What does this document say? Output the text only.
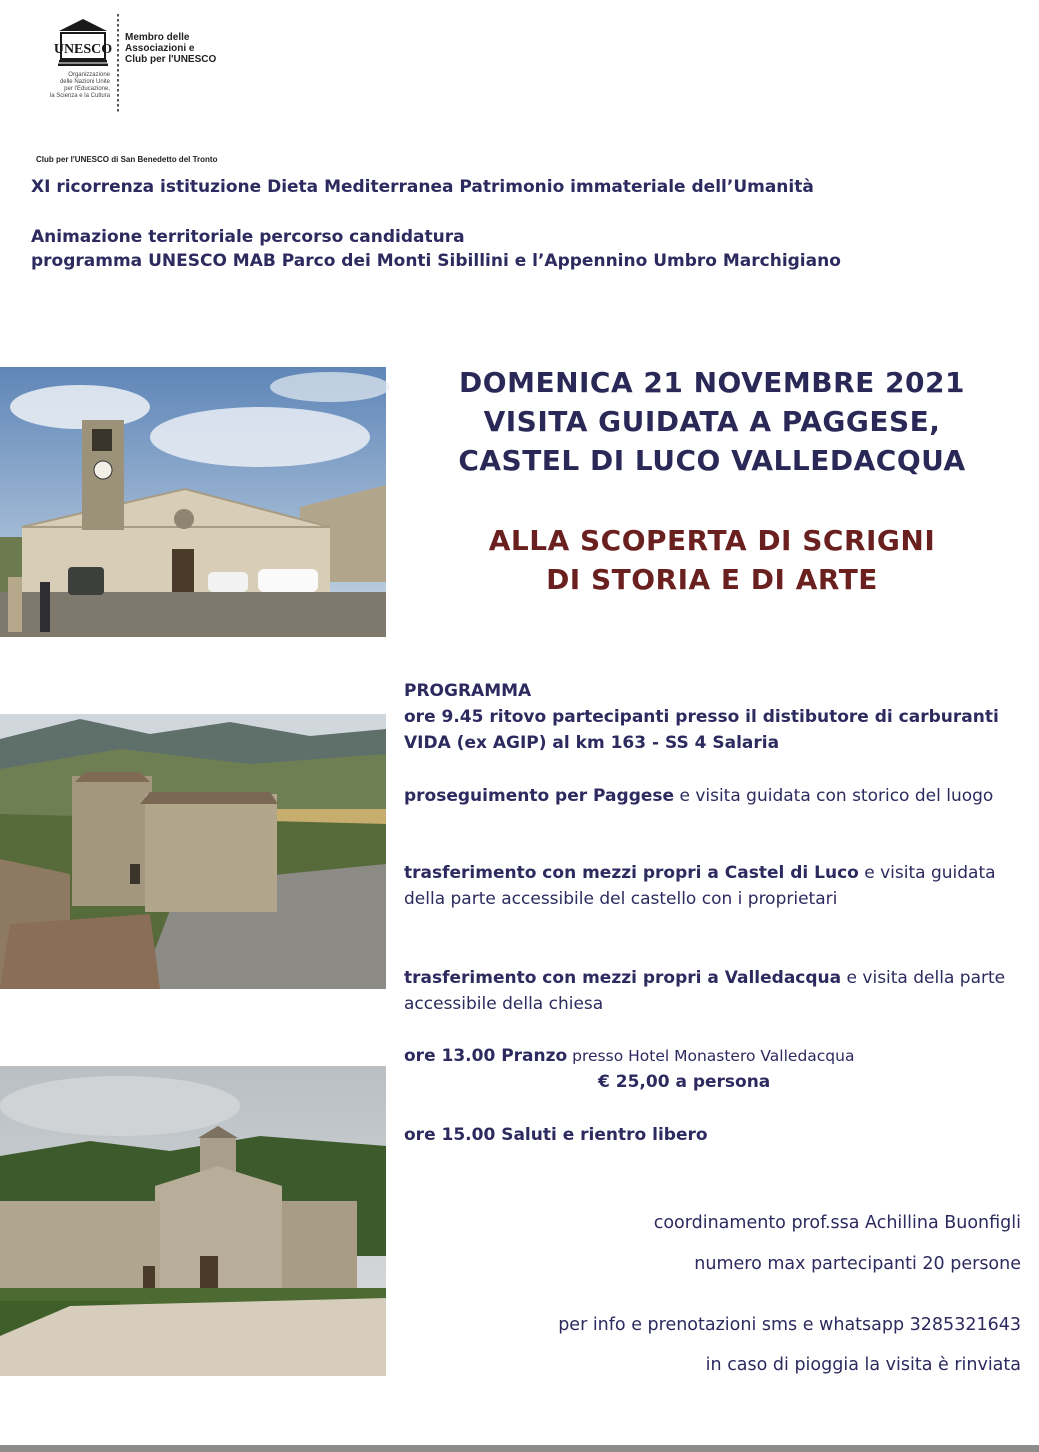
UNESCO
Membro delle
Associazioni e
Club per l'UNESCO
Organizzazione
delle Nazioni Unite
per l'Educazione,
la Scienza e la Cultura
Club per l'UNESCO di San Benedetto del Tronto
XI ricorrenza istituzione Dieta Mediterranea Patrimonio immateriale dell’Umanità
Animazione territoriale percorso candidatura
programma UNESCO MAB Parco dei Monti Sibillini e l’Appennino Umbro Marchigiano
DOMENICA 21 NOVEMBRE 2021
VISITA GUIDATA A PAGGESE,
CASTEL DI LUCO VALLEDACQUA
ALLA SCOPERTA DI SCRIGNI
DI STORIA E DI ARTE
PROGRAMMA
ore 9.45 ritovo partecipanti presso il distibutore di carburanti VIDA (ex AGIP) al km 163 - SS 4 Salaria
proseguimento per Paggese e visita guidata con storico del luogo
trasferimento con mezzi propri a Castel di Luco e visita guidata della parte accessibile del castello con i proprietari
trasferimento con mezzi propri a Valledacqua e visita della parte accessibile della chiesa
ore 13.00 Pranzo presso Hotel Monastero Valledacqua
€ 25,00 a persona
ore 15.00 Saluti e rientro libero
coordinamento prof.ssa Achillina Buonfigli
numero max partecipanti 20 persone
per info e prenotazioni sms e whatsapp 3285321643
in caso di pioggia la visita è rinviata
